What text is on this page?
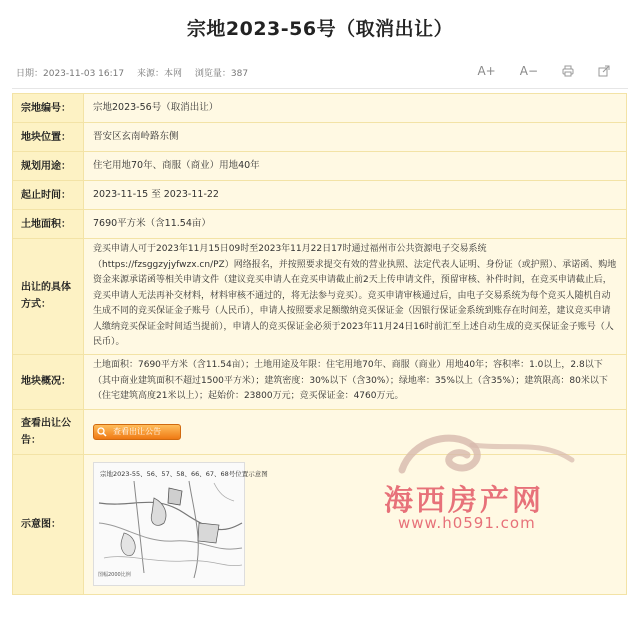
宗地2023-56号（取消出让）
日期：2023-11-03 16:17 来源：本网 浏览量：387	A+ A−
宗地编号：	宗地2023-56号（取消出让）
地块位置：	晋安区玄南岭路东侧
规划用途：	住宅用地70年、商服（商业）用地40年
起止时间：	2023-11-15 至 2023-11-22
土地面积：	7690平方米（含11.54亩）
出让的具体方式：	竞买申请人可于2023年11月15日09时至2023年11月22日17时通过福州市公共资源电子交易系统（https://fzsggzyjyfwzx.cn/PZ）网络报名，并按照要求提交有效的营业执照、法定代表人证明、身份证（或护照）、承诺函、购地资金来源承诺函等相关申请文件（建议竞买申请人在竞买申请截止前2天上传申请文件，预留审核、补件时间，在竞买申请截止后，竞买申请人无法再补交材料，材料审核不通过的，将无法参与竞买）。竞买申请审核通过后，由电子交易系统为每个竞买人随机自动生成不同的竞买保证金子账号（人民币），申请人按照要求足额缴纳竞买保证金（因银行保证金系统到账存在时间差，建议竞买申请人缴纳竞买保证金时间适当提前），申请人的竞买保证金必须于2023年11月24日16时前汇至上述自动生成的竞买保证金子账号（人民币）。
地块概况：	土地面积：7690平方米（含11.54亩）；土地用途及年限：住宅用地70年、商服（商业）用地40年；容积率：1.0以上，2.8以下（其中商业建筑面积不超过1500平方米）；建筑密度：30%以下（含30%）；绿地率：35%以上（含35%）；建筑限高：80米以下（住宅建筑高度21米以上）；起始价：23800万元；竞买保证金：4760万元。
查看出让公告：	查看出让公告
示意图：	宗地2023-55、56、57、58、66、67、68号位置示意图
图幅2000比例
海西房产网
www.h0591.com
